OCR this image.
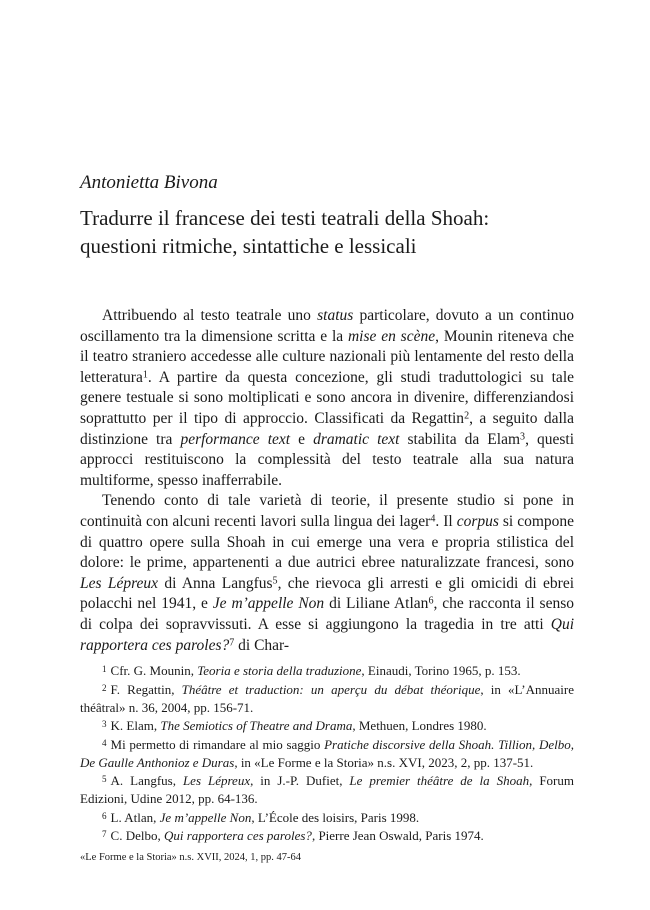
Antonietta Bivona

Tradurre il francese dei testi teatrali della Shoah:
questioni ritmiche, sintattiche e lessicali

Attribuendo al testo teatrale uno status particolare, dovuto a un continuo oscillamento tra la dimensione scritta e la mise en scène, Mounin riteneva che il teatro straniero accedesse alle culture nazionali più lentamente del resto della letteratura$^1$. A partire da questa concezione, gli studi traduttologici su tale genere testuale si sono moltiplicati e sono ancora in divenire, differenziandosi soprattutto per il tipo di approccio. Classificati da Regattin$^2$, a seguito dalla distinzione tra performance text e dramatic text stabilita da Elam$^3$, questi approcci restituiscono la complessità del testo teatrale alla sua natura multiforme, spesso inafferrabile.

Tenendo conto di tale varietà di teorie, il presente studio si pone in continuità con alcuni recenti lavori sulla lingua dei lager$^4$. Il corpus si compone di quattro opere sulla Shoah in cui emerge una vera e propria stilistica del dolore: le prime, appartenenti a due autrici ebree naturalizzate francesi, sono Les Lépreux di Anna Langfus$^5$, che rievoca gli arresti e gli omicidi di ebrei polacchi nel 1941, e Je m’appelle Non di Liliane Atlan$^6$, che racconta il senso di colpa dei sopravvissuti. A esse si aggiungono la tragedia in tre atti Qui rapportera ces paroles?$^7$ di Char-

$^1$ Cfr. G. Mounin, Teoria e storia della traduzione, Einaudi, Torino 1965, p. 153.

$^2$ F. Regattin, Théâtre et traduction: un aperçu du débat théorique, in «L’Annuaire théâtral» n. 36, 2004, pp. 156-71.

$^3$ K. Elam, The Semiotics of Theatre and Drama, Methuen, Londres 1980.

$^4$ Mi permetto di rimandare al mio saggio Pratiche discorsive della Shoah. Tillion, Delbo, De Gaulle Anthonioz e Duras, in «Le Forme e la Storia» n.s. XVI, 2023, 2, pp. 137-51.

$^5$ A. Langfus, Les Lépreux, in J.-P. Dufiet, Le premier théâtre de la Shoah, Forum Edizioni, Udine 2012, pp. 64-136.

$^6$ L. Atlan, Je m’appelle Non, L’École des loisirs, Paris 1998.

$^7$ C. Delbo, Qui rapportera ces paroles?, Pierre Jean Oswald, Paris 1974.

«Le Forme e la Storia» n.s. XVII, 2024, 1, pp. 47-64
